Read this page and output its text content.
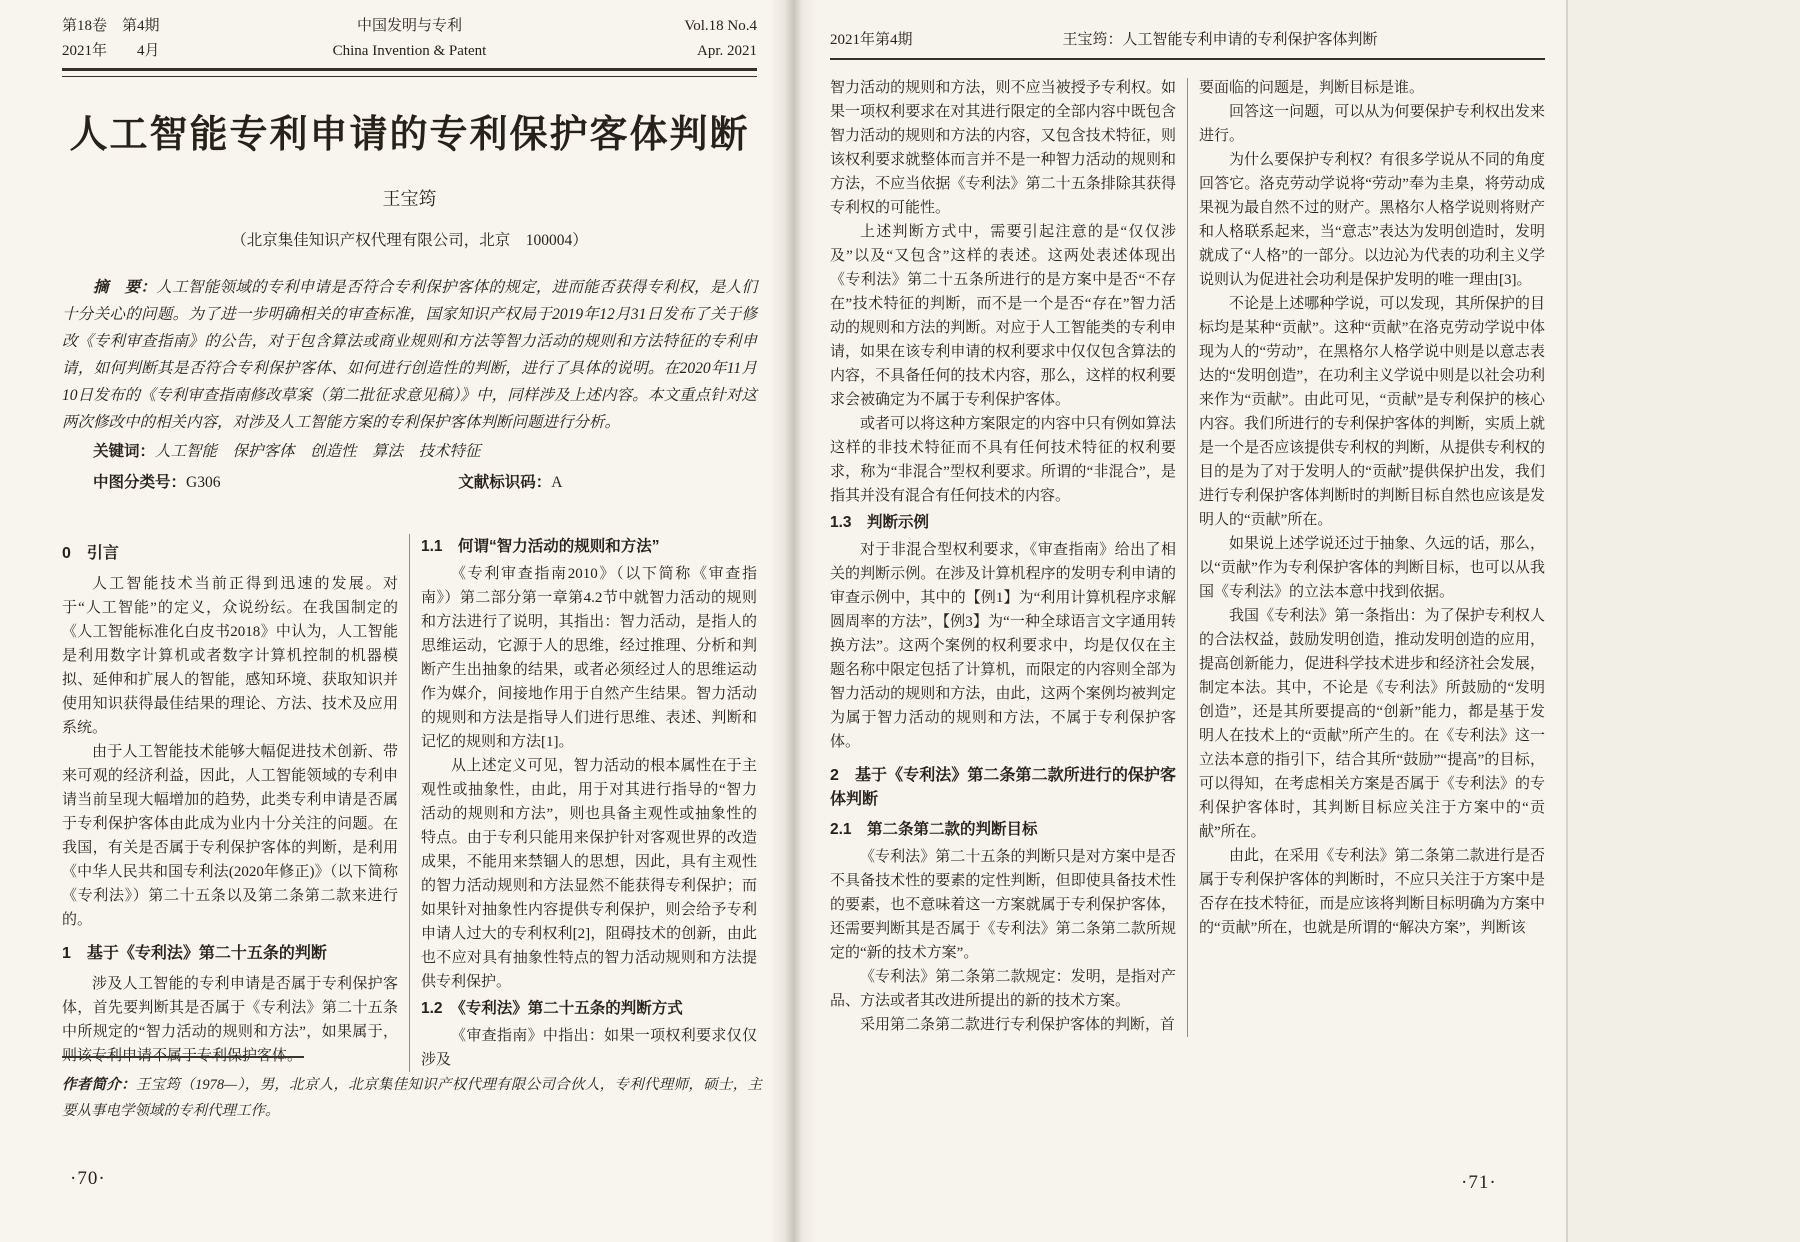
第18卷　第4期
2021年　　4月
中国发明与专利
China Invention & Patent
Vol.18 No.4
Apr. 2021
人工智能专利申请的专利保护客体判断
王宝筠
（北京集佳知识产权代理有限公司，北京　100004）

摘　要：人工智能领域的专利申请是否符合专利保护客体的规定，进而能否获得专利权，是人们十分关心的问题。为了进一步明确相关的审查标准，国家知识产权局于2019年12月31日发布了关于修改《专利审查指南》的公告，对于包含算法或商业规则和方法等智力活动的规则和方法特征的专利申请，如何判断其是否符合专利保护客体、如何进行创造性的判断，进行了具体的说明。在2020年11月10日发布的《专利审查指南修改草案（第二批征求意见稿）》中，同样涉及上述内容。本文重点针对这两次修改中的相关内容，对涉及人工智能方案的专利保护客体判断问题进行分析。

关键词：人工智能　保护客体　创造性　算法　技术特征

中图分类号：G306	文献标识码：A
0　引言

人工智能技术当前正得到迅速的发展。对于“人工智能”的定义，众说纷纭。在我国制定的《人工智能标准化白皮书2018》中认为，人工智能是利用数字计算机或者数字计算机控制的机器模拟、延伸和扩展人的智能，感知环境、获取知识并使用知识获得最佳结果的理论、方法、技术及应用系统。

由于人工智能技术能够大幅促进技术创新、带来可观的经济利益，因此，人工智能领域的专利申请当前呈现大幅增加的趋势，此类专利申请是否属于专利保护客体由此成为业内十分关注的问题。在我国，有关是否属于专利保护客体的判断，是利用《中华人民共和国专利法(2020年修正)》（以下简称《专利法》）第二十五条以及第二条第二款来进行的。

1　基于《专利法》第二十五条的判断

涉及人工智能的专利申请是否属于专利保护客体，首先要判断其是否属于《专利法》第二十五条中所规定的“智力活动的规则和方法”，如果属于，则该专利申请不属于专利保护客体。

1.1　何谓“智力活动的规则和方法”

《专利审查指南2010》（以下简称《审查指南》）第二部分第一章第4.2节中就智力活动的规则和方法进行了说明，其指出：智力活动，是指人的思维运动，它源于人的思维，经过推理、分析和判断产生出抽象的结果，或者必须经过人的思维运动作为媒介，间接地作用于自然产生结果。智力活动的规则和方法是指导人们进行思维、表述、判断和记忆的规则和方法[1]。

从上述定义可见，智力活动的根本属性在于主观性或抽象性，由此，用于对其进行指导的“智力活动的规则和方法”，则也具备主观性或抽象性的特点。由于专利只能用来保护针对客观世界的改造成果，不能用来禁锢人的思想，因此，具有主观性的智力活动规则和方法显然不能获得专利保护；而如果针对抽象性内容提供专利保护，则会给予专利申请人过大的专利权利[2]，阻碍技术的创新，由此也不应对具有抽象性特点的智力活动规则和方法提供专利保护。

1.2　《专利法》第二十五条的判断方式

《审查指南》中指出：如果一项权利要求仅仅涉及

作者简介：王宝筠（1978—），男，北京人，北京集佳知识产权代理有限公司合伙人，专利代理师，硕士，主要从事电学领域的专利代理工作。

·70·
2021年第4期	王宝筠：人工智能专利申请的专利保护客体判断

智力活动的规则和方法，则不应当被授予专利权。如果一项权利要求在对其进行限定的全部内容中既包含智力活动的规则和方法的内容，又包含技术特征，则该权利要求就整体而言并不是一种智力活动的规则和方法，不应当依据《专利法》第二十五条排除其获得专利权的可能性。

上述判断方式中，需要引起注意的是“仅仅涉及”以及“又包含”这样的表述。这两处表述体现出《专利法》第二十五条所进行的是方案中是否“不存在”技术特征的判断，而不是一个是否“存在”智力活动的规则和方法的判断。对应于人工智能类的专利申请，如果在该专利申请的权利要求中仅仅包含算法的内容，不具备任何的技术内容，那么，这样的权利要求会被确定为不属于专利保护客体。

或者可以将这种方案限定的内容中只有例如算法这样的非技术特征而不具有任何技术特征的权利要求，称为“非混合”型权利要求。所谓的“非混合”，是指其并没有混合有任何技术的内容。

1.3　判断示例

对于非混合型权利要求，《审查指南》给出了相关的判断示例。在涉及计算机程序的发明专利申请的审查示例中，其中的【例1】为“利用计算机程序求解圆周率的方法”，【例3】为“一种全球语言文字通用转换方法”。这两个案例的权利要求中，均是仅仅在主题名称中限定包括了计算机，而限定的内容则全部为智力活动的规则和方法，由此，这两个案例均被判定为属于智力活动的规则和方法，不属于专利保护客体。

2　基于《专利法》第二条第二款所进行的保护客体判断
2.1　第二条第二款的判断目标

《专利法》第二十五条的判断只是对方案中是否不具备技术性的要素的定性判断，但即使具备技术性的要素，也不意味着这一方案就属于专利保护客体，还需要判断其是否属于《专利法》第二条第二款所规定的“新的技术方案”。

《专利法》第二条第二款规定：发明，是指对产品、方法或者其改进所提出的新的技术方案。

采用第二条第二款进行专利保护客体的判断，首

要面临的问题是，判断目标是谁。

回答这一问题，可以从为何要保护专利权出发来进行。

为什么要保护专利权？有很多学说从不同的角度回答它。洛克劳动学说将“劳动”奉为圭臬，将劳动成果视为最自然不过的财产。黑格尔人格学说则将财产和人格联系起来，当“意志”表达为发明创造时，发明就成了“人格”的一部分。以边沁为代表的功利主义学说则认为促进社会功利是保护发明的唯一理由[3]。

不论是上述哪种学说，可以发现，其所保护的目标均是某种“贡献”。这种“贡献”在洛克劳动学说中体现为人的“劳动”，在黑格尔人格学说中则是以意志表达的“发明创造”，在功利主义学说中则是以社会功利来作为“贡献”。由此可见，“贡献”是专利保护的核心内容。我们所进行的专利保护客体的判断，实质上就是一个是否应该提供专利权的判断，从提供专利权的目的是为了对于发明人的“贡献”提供保护出发，我们进行专利保护客体判断时的判断目标自然也应该是发明人的“贡献”所在。

如果说上述学说还过于抽象、久远的话，那么，以“贡献”作为专利保护客体的判断目标，也可以从我国《专利法》的立法本意中找到依据。

我国《专利法》第一条指出：为了保护专利权人的合法权益，鼓励发明创造，推动发明创造的应用，提高创新能力，促进科学技术进步和经济社会发展，制定本法。其中，不论是《专利法》所鼓励的“发明创造”，还是其所要提高的“创新”能力，都是基于发明人在技术上的“贡献”所产生的。在《专利法》这一立法本意的指引下，结合其所“鼓励”“提高”的目标，可以得知，在考虑相关方案是否属于《专利法》的专利保护客体时，其判断目标应关注于方案中的“贡献”所在。

由此，在采用《专利法》第二条第二款进行是否属于专利保护客体的判断时，不应只关注于方案中是否存在技术特征，而是应该将判断目标明确为方案中的“贡献”所在，也就是所谓的“解决方案”，判断该

·71·
